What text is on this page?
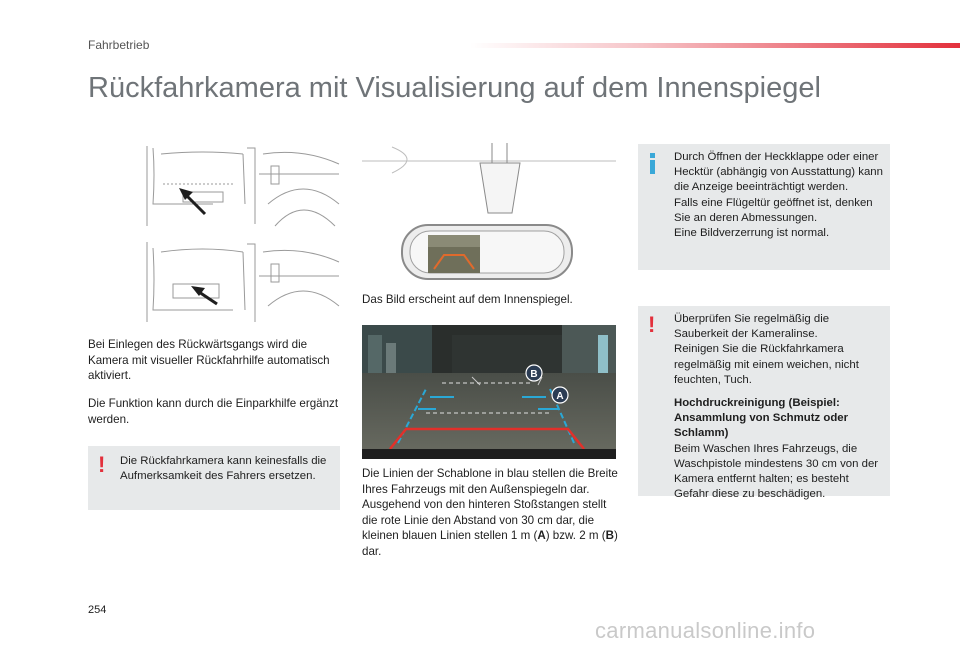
Fahrbetrieb
Rückfahrkamera mit Visualisierung auf dem Innenspiegel
Bei Einlegen des Rückwärtsgangs wird die Kamera mit visueller Rückfahrhilfe automatisch aktiviert.
Die Funktion kann durch die Einparkhilfe ergänzt werden.
! Die Rückfahrkamera kann keinesfalls die Aufmerksamkeit des Fahrers ersetzen.
Das Bild erscheint auf dem Innenspiegel.
B
A
Die Linien der Schablone in blau stellen die Breite Ihres Fahrzeugs mit den Außenspiegeln dar.
Ausgehend von den hinteren Stoßstangen stellt die rote Linie den Abstand von 30 cm dar, die kleinen blauen Linien stellen 1 m (A) bzw. 2 m (B) dar.
Durch Öffnen der Heckklappe oder einer Hecktür (abhängig von Ausstattung) kann die Anzeige beeinträchtigt werden.
Falls eine Flügeltür geöffnet ist, denken Sie an deren Abmessungen.
Eine Bildverzerrung ist normal.
! Überprüfen Sie regelmäßig die Sauberkeit der Kameralinse.
Reinigen Sie die Rückfahrkamera regelmäßig mit einem weichen, nicht feuchten, Tuch.
Hochdruckreinigung (Beispiel: Ansammlung von Schmutz oder Schlamm)
Beim Waschen Ihres Fahrzeugs, die Waschpistole mindestens 30 cm von der Kamera entfernt halten; es besteht Gefahr diese zu beschädigen.
254
carmanualsonline.info
